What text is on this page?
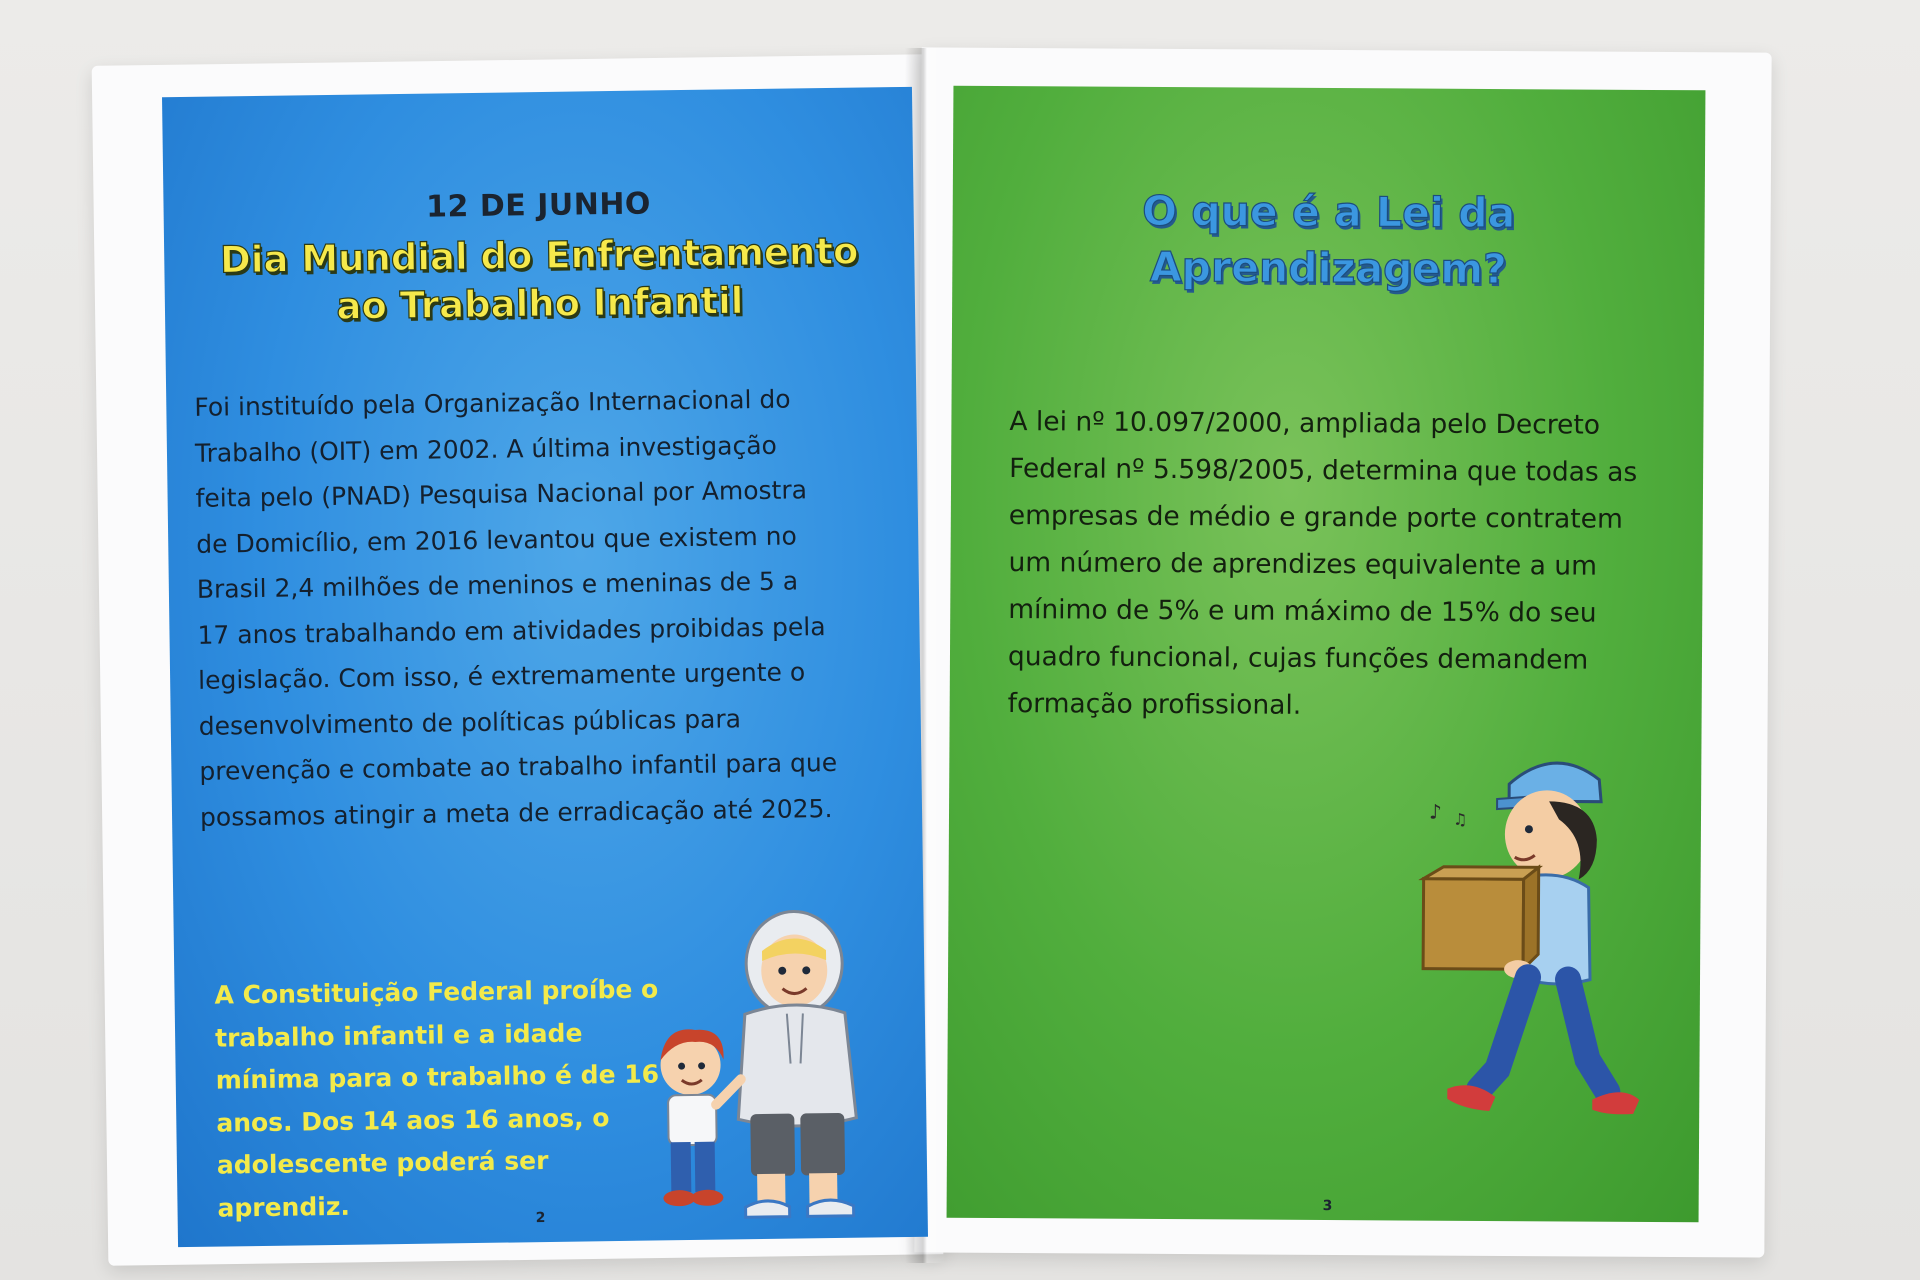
12 DE JUNHO
Dia Mundial do Enfrentamento
ao Trabalho Infantil
Foi instituído pela Organização Internacional do Trabalho (OIT) em 2002. A última investigação feita pelo (PNAD) Pesquisa Nacional por Amostra de Domicílio, em 2016 levantou que existem no Brasil 2,4 milhões de meninos e meninas de 5 a 17 anos trabalhando em atividades proibidas pela legislação. Com isso, é extremamente urgente o desenvolvimento de políticas públicas para prevenção e combate ao trabalho infantil para que possamos atingir a meta de erradicação até 2025.
A Constituição Federal proíbe o trabalho infantil e a idade mínima para o trabalho é de 16 anos. Dos 14 aos 16 anos, o adolescente poderá ser aprendiz.	2
O que é a Lei da
Aprendizagem?
A lei nº 10.097/2000, ampliada pelo Decreto Federal nº 5.598/2005, determina que todas as empresas de médio e grande porte contratem um número de aprendizes equivalente a um mínimo de 5% e um máximo de 15% do seu quadro funcional, cujas funções demandem formação profissional.
♪ ♫
3
